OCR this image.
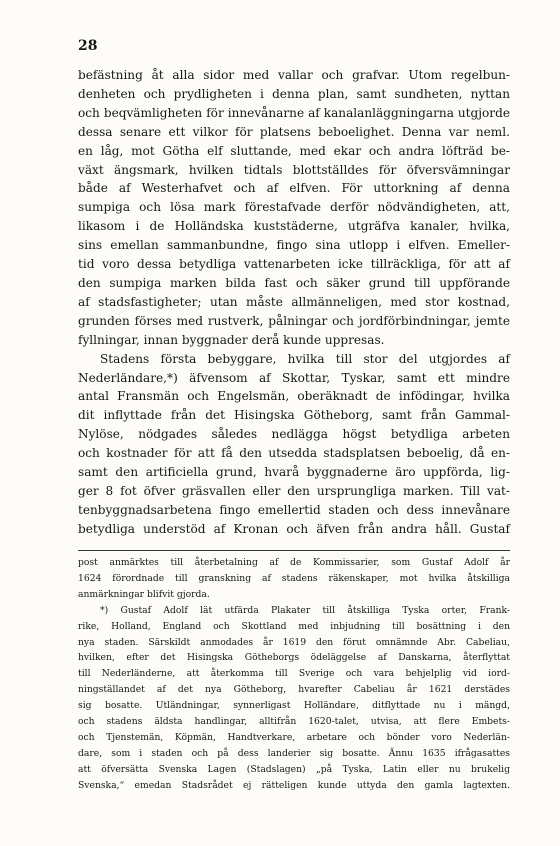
28
befästning åt alla sidor med vallar och grafvar. Utom regelbun-
denheten och prydligheten i denna plan, samt sundheten, nyttan
och beqvämligheten för innevånarne af kanalanläggningarna utgjorde
dessa senare ett vilkor för platsens beboelighet. Denna var neml.
en låg, mot Götha elf sluttande, med ekar och andra löfträd be-
växt ängsmark, hvilken tidtals blottställdes för öfversvämningar
både af Westerhafvet och af elfven. För uttorkning af denna
sumpiga och lösa mark förestafvade derför nödvändigheten, att,
likasom i de Holländska kuststäderne, utgräfva kanaler, hvilka,
sins emellan sammanbundne, fingo sina utlopp i elfven. Emeller-
tid voro dessa betydliga vattenarbeten icke tillräckliga, för att af
den sumpiga marken bilda fast och säker grund till uppförande
af stadsfastigheter; utan måste allmänneligen, med stor kostnad,
grunden förses med rustverk, pålningar och jordförbindningar, jemte
fyllningar, innan byggnader derå kunde uppresas.
Stadens första bebyggare, hvilka till stor del utgjordes af
Nederländare,*) äfvensom af Skottar, Tyskar, samt ett mindre
antal Fransmän och Engelsmän, oberäknadt de infödingar, hvilka
dit inflyttade från det Hisingska Götheborg, samt från Gammal-
Nylöse, nödgades således nedlägga högst betydliga arbeten
och kostnader för att få den utsedda stadsplatsen beboelig, då en-
samt den artificiella grund, hvarå byggnaderne äro uppförda, lig-
ger 8 fot öfver gräsvallen eller den ursprungliga marken. Till vat-
tenbyggnadsarbetena fingo emellertid staden och dess innevånare
betydliga understöd af Kronan och äfven från andra håll. Gustaf
post anmärktes till återbetalning af de Kommissarier, som Gustaf Adolf år
1624 förordnade till granskning af stadens räkenskaper, mot hvilka åtskilliga
anmärkningar blifvit gjorda.
*) Gustaf Adolf lät utfärda Plakater till åtskilliga Tyska orter, Frank-
rike, Holland, England och Skottland med inbjudning till bosättning i den
nya staden. Särskildt anmodades år 1619 den förut omnämnde Abr. Cabeliau,
hvilken, efter det Hisingska Götheborgs ödeläggelse af Danskarna, återflyttat
till Nederländerne, att återkomma till Sverige och vara behjelplig vid iord-
ningställandet af det nya Götheborg, hvarefter Cabeliau år 1621 derstädes
sig bosatte. Utländningar, synnerligast Holländare, ditflyttade nu i mängd,
och stadens äldsta handlingar, alltifrån 1620-talet, utvisa, att flere Embets-
och Tjenstemän, Köpmän, Handtverkare, arbetare och bönder voro Nederlän-
dare, som i staden och på dess landerier sig bosatte. Ännu 1635 ifrågasattes
att öfversätta Svenska Lagen (Stadslagen) „på Tyska, Latin eller nu brukelig
Svenska,“ emedan Stadsrådet ej rätteligen kunde uttyda den gamla lagtexten.
